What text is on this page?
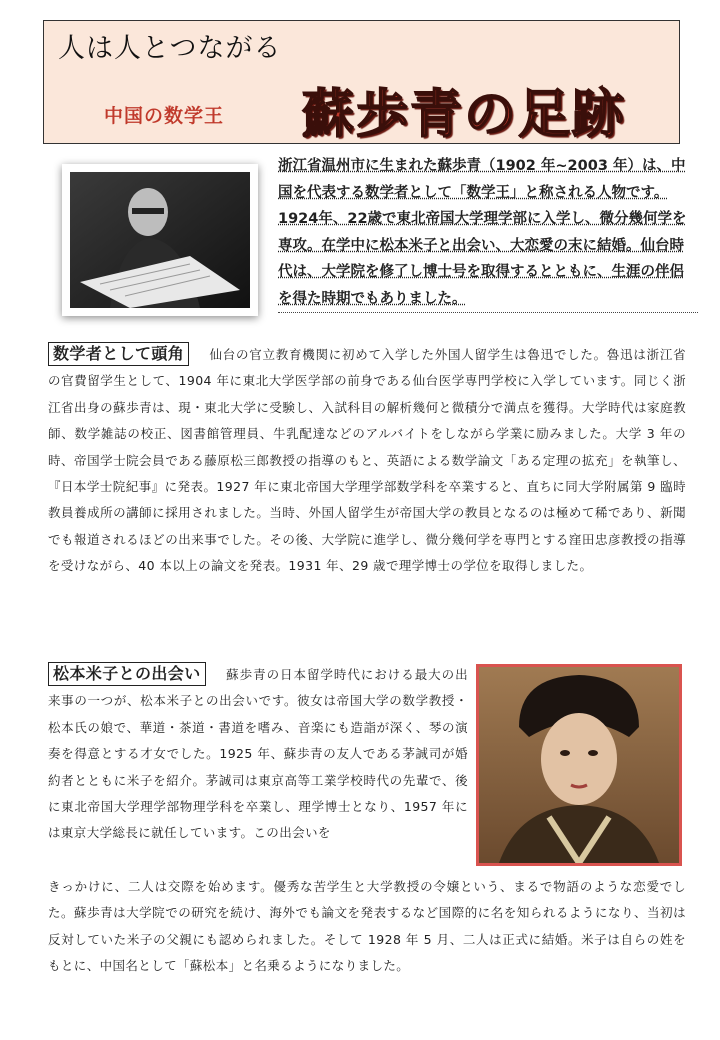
人は人とつながる
中国の数学王 蘇歩青の足跡

浙江省温州市に生まれた蘇歩青（1902 年~2003 年）は、中国を代表する数学者として「数学王」と称される人物です。1924年、22歳で東北帝国大学理学部に入学し、微分幾何学を専攻。在学中に松本米子と出会い、大恋愛の末に結婚。仙台時代は、大学院を修了し博士号を取得するとともに、生涯の伴侶を得た時期でもありました。

数学者として頭角 仙台の官立教育機関に初めて入学した外国人留学生は魯迅でした。魯迅は浙江省の官費留学生として、1904 年に東北大学医学部の前身である仙台医学専門学校に入学しています。同じく浙江省出身の蘇歩青は、現・東北大学に受験し、入試科目の解析幾何と微積分で満点を獲得。大学時代は家庭教師、数学雑誌の校正、図書館管理員、牛乳配達などのアルバイトをしながら学業に励みました。大学 3 年の時、帝国学士院会員である藤原松三郎教授の指導のもと、英語による数学論文「ある定理の拡充」を執筆し、『日本学士院紀事』に発表。1927 年に東北帝国大学理学部数学科を卒業すると、直ちに同大学附属第 9 臨時教員養成所の講師に採用されました。当時、外国人留学生が帝国大学の教員となるのは極めて稀であり、新聞でも報道されるほどの出来事でした。その後、大学院に進学し、微分幾何学を専門とする窪田忠彦教授の指導を受けながら、40 本以上の論文を発表。1931 年、29 歳で理学博士の学位を取得しました。

松本米子との出会い 蘇歩青の日本留学時代における最大の出来事の一つが、松本米子との出会いです。彼女は帝国大学の数学教授・松本氏の娘で、華道・茶道・書道を嗜み、音楽にも造詣が深く、琴の演奏を得意とする才女でした。1925 年、蘇歩青の友人である茅誠司が婚約者とともに米子を紹介。茅誠司は東京高等工業学校時代の先輩で、後に東北帝国大学理学部物理学科を卒業し、理学博士となり、1957 年には東京大学総長に就任しています。この出会いを

きっかけに、二人は交際を始めます。優秀な苦学生と大学教授の令嬢という、まるで物語のような恋愛でした。蘇歩青は大学院での研究を続け、海外でも論文を発表するなど国際的に名を知られるようになり、当初は反対していた米子の父親にも認められました。そして 1928 年 5 月、二人は正式に結婚。米子は自らの姓をもとに、中国名として「蘇松本」と名乗るようになりました。
